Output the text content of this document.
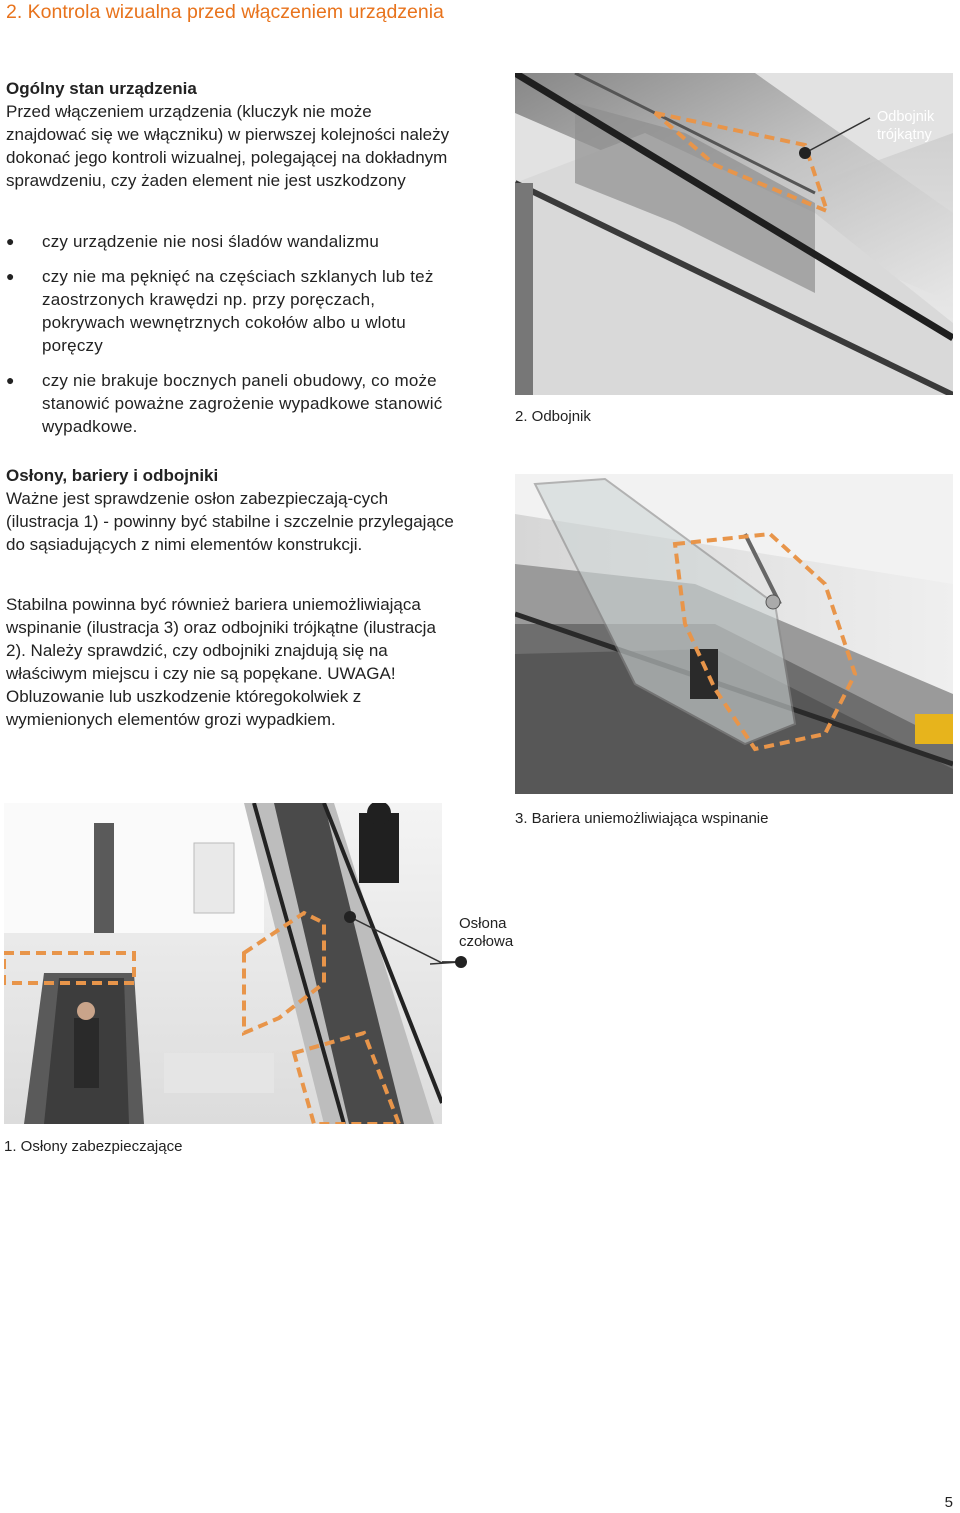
2. Kontrola wizualna przed włączeniem urządzenia
Ogólny stan urządzenia
Przed włączeniem urządzenia (kluczyk nie może znajdować się we włączniku) w pierwszej kolejności należy dokonać jego kontroli wizualnej, polegającej na dokładnym sprawdzeniu, czy żaden element nie jest uszkodzony
● czy urządzenie nie nosi śladów wandalizmu
● czy nie ma pęknięć na częściach szklanych lub też zaostrzonych krawędzi np. przy poręczach, pokrywach wewnętrznych cokołów albo u wlotu poręczy
● czy nie brakuje bocznych paneli obudowy, co może stanowić poważne zagrożenie wypadkowe stanowić wypadkowe.
Osłony, bariery i odbojniki
Ważne jest sprawdzenie osłon zabezpieczają-cych (ilustracja 1) - powinny być stabilne i szczelnie przylegające do sąsiadujących z nimi elementów konstrukcji.
Stabilna powinna być również bariera uniemożliwiająca wspinanie (ilustracja 3) oraz odbojniki trójkątne (ilustracja 2). Należy sprawdzić, czy odbojniki znajdują się na właściwym miejscu i czy nie są popękane. UWAGA! Obluzowanie lub uszkodzenie któregokolwiek z wymienionych elementów grozi wypadkiem.
Odbojnik
trójkątny
2. Odbojnik
3. Bariera uniemożliwiająca wspinanie
Osłona
czołowa
1. Osłony zabezpieczające
5
